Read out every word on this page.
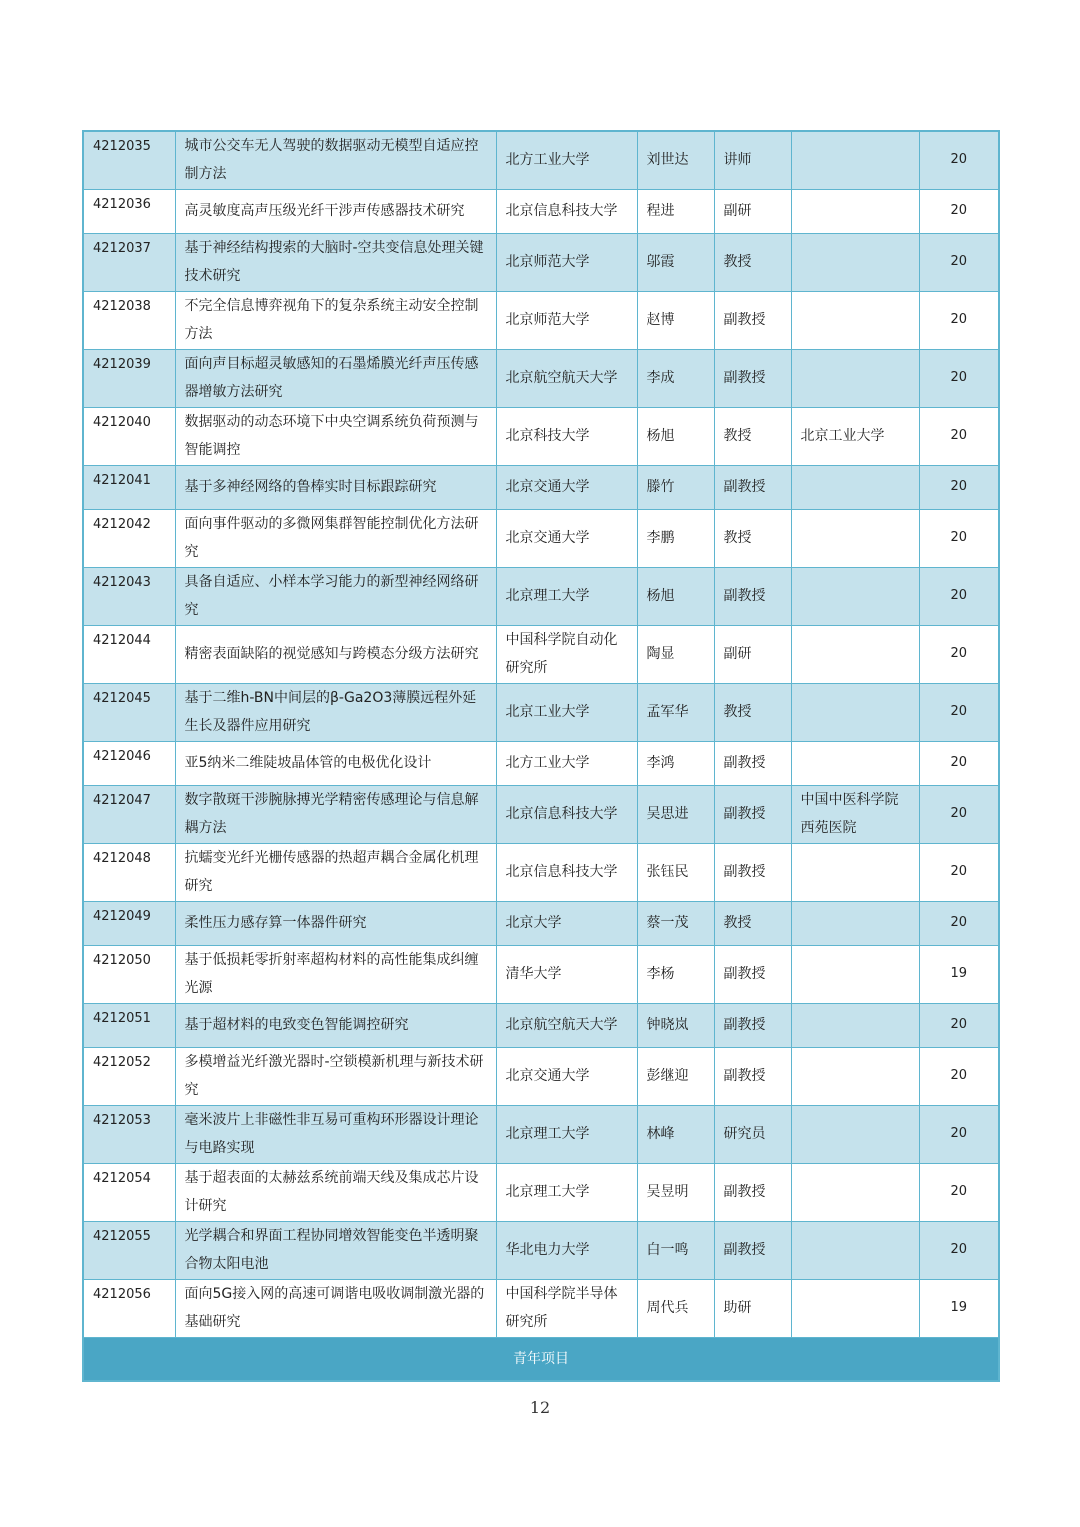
4212035	城市公交车无人驾驶的数据驱动无模型自适应控制方法	北方工业大学	刘世达	讲师		20
4212036	高灵敏度高声压级光纤干涉声传感器技术研究	北京信息科技大学	程进	副研		20
4212037	基于神经结构搜索的大脑时-空共变信息处理关键技术研究	北京师范大学	邬霞	教授		20
4212038	不完全信息博弈视角下的复杂系统主动安全控制方法	北京师范大学	赵博	副教授		20
4212039	面向声目标超灵敏感知的石墨烯膜光纤声压传感器增敏方法研究	北京航空航天大学	李成	副教授		20
4212040	数据驱动的动态环境下中央空调系统负荷预测与智能调控	北京科技大学	杨旭	教授	北京工业大学	20
4212041	基于多神经网络的鲁棒实时目标跟踪研究	北京交通大学	滕竹	副教授		20
4212042	面向事件驱动的多微网集群智能控制优化方法研究	北京交通大学	李鹏	教授		20
4212043	具备自适应、小样本学习能力的新型神经网络研究	北京理工大学	杨旭	副教授		20
4212044	精密表面缺陷的视觉感知与跨模态分级方法研究	中国科学院自动化研究所	陶显	副研		20
4212045	基于二维h-BN中间层的β-Ga2O3薄膜远程外延生长及器件应用研究	北京工业大学	孟军华	教授		20
4212046	亚5纳米二维陡坡晶体管的电极优化设计	北方工业大学	李鸿	副教授		20
4212047	数字散斑干涉腕脉搏光学精密传感理论与信息解耦方法	北京信息科技大学	吴思进	副教授	中国中医科学院西苑医院	20
4212048	抗蠕变光纤光栅传感器的热超声耦合金属化机理研究	北京信息科技大学	张钰民	副教授		20
4212049	柔性压力感存算一体器件研究	北京大学	蔡一茂	教授		20
4212050	基于低损耗零折射率超构材料的高性能集成纠缠光源	清华大学	李杨	副教授		19
4212051	基于超材料的电致变色智能调控研究	北京航空航天大学	钟晓岚	副教授		20
4212052	多模增益光纤激光器时-空锁模新机理与新技术研究	北京交通大学	彭继迎	副教授		20
4212053	毫米波片上非磁性非互易可重构环形器设计理论与电路实现	北京理工大学	林峰	研究员		20
4212054	基于超表面的太赫兹系统前端天线及集成芯片设计研究	北京理工大学	吴昱明	副教授		20
4212055	光学耦合和界面工程协同增效智能变色半透明聚合物太阳电池	华北电力大学	白一鸣	副教授		20
4212056	面向5G接入网的高速可调谐电吸收调制激光器的基础研究	中国科学院半导体研究所	周代兵	助研		19
青年项目						
12
